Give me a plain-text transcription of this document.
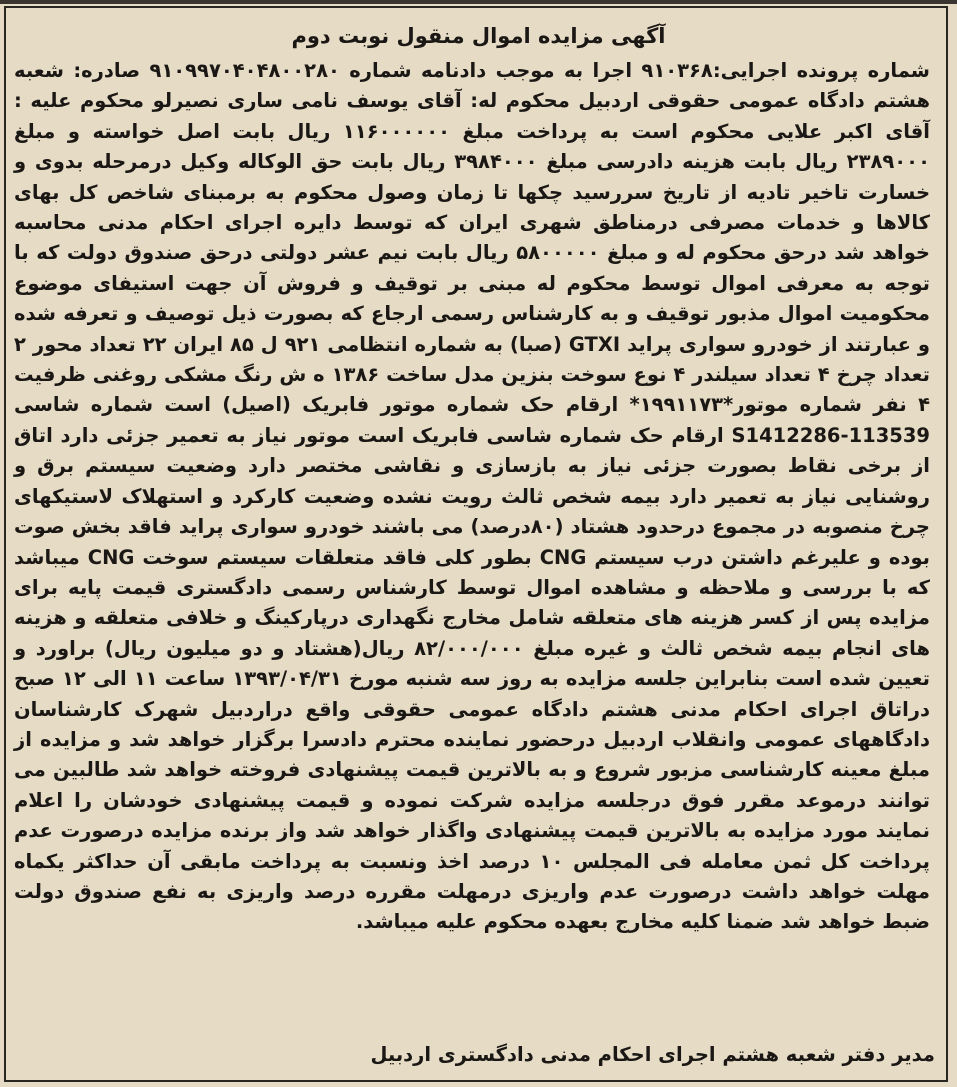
آگهی مزایده اموال منقول نوبت دوم

شماره پرونده اجرایی:۹۱۰۳۶۸ اجرا به موجب دادنامه شماره ۹۱۰۹۹۷۰۴۰۴۸۰۰۲۸۰ صادره: شعبه هشتم دادگاه عمومی حقوقی اردبیل محکوم له: آقای یوسف نامی ساری نصیرلو محکوم علیه : آقای اکبر علایی محکوم است به پرداخت مبلغ ۱۱۶۰۰۰۰۰۰ ریال بابت اصل خواسته و مبلغ ۲۳۸۹۰۰۰ ریال بابت هزینه دادرسی مبلغ ۳۹۸۴۰۰۰ ریال بابت حق الوکاله وکیل درمرحله بدوی و خسارت تاخیر تادیه از تاریخ سررسید چکها تا زمان وصول محکوم به برمبنای شاخص کل بهای کالاها و خدمات مصرفی درمناطق شهری ایران که توسط دایره اجرای احکام مدنی محاسبه خواهد شد درحق محکوم له و مبلغ ۵۸۰۰۰۰۰ ریال بابت نیم عشر دولتی درحق صندوق دولت که با توجه به معرفی اموال توسط محکوم له مبنی بر توقیف و فروش آن جهت استیفای موضوع محکومیت اموال مذبور توقیف و به کارشناس رسمی ارجاع که بصورت ذیل توصیف و تعرفه شده و عبارتند از خودرو سواری پراید GTXI (صبا) به شماره انتظامی ۹۲۱ ل ۸۵ ایران ۲۲ تعداد محور ۲ تعداد چرخ ۴ تعداد سیلندر ۴ نوع سوخت بنزین مدل ساخت ۱۳۸۶ ه ش رنگ مشکی روغنی ظرفیت ۴ نفر شماره موتور*۱۹۹۱۱۷۳* ارقام حک شماره موتور فابریک (اصیل) است شماره شاسی S1412286-113539 ارقام حک شماره شاسی فابریک است موتور نیاز به تعمیر جزئی دارد اتاق از برخی نقاط بصورت جزئی نیاز به بازسازی و نقاشی مختصر دارد وضعیت سیستم برق و روشنایی نیاز به تعمیر دارد بیمه شخص ثالث رویت نشده وضعیت کارکرد و استهلاک لاستیکهای چرخ منصوبه در مجموع درحدود هشتاد (۸۰درصد) می باشند خودرو سواری پراید فاقد بخش صوت بوده و علیرغم داشتن درب سیستم CNG بطور کلی فاقد متعلقات سیستم سوخت CNG میباشد که با بررسی و ملاحظه و مشاهده اموال توسط کارشناس رسمی دادگستری قیمت پایه برای مزایده پس از کسر هزینه های متعلقه شامل مخارج نگهداری درپارکینگ و خلافی متعلقه و هزینه های انجام بیمه شخص ثالث و غیره مبلغ ۸۲/۰۰۰/۰۰۰ ریال(هشتاد و دو میلیون ریال) براورد و تعیین شده است بنابراین جلسه مزایده به روز سه شنبه مورخ ۱۳۹۳/۰۴/۳۱ ساعت ۱۱ الی ۱۲ صبح دراتاق اجرای احکام مدنی هشتم دادگاه عمومی حقوقی واقع دراردبیل شهرک کارشناسان دادگاههای عمومی وانقلاب اردبیل درحضور نماینده محترم دادسرا برگزار خواهد شد و مزایده از مبلغ معینه کارشناسی مزبور شروع و به بالاترین قیمت پیشنهادی فروخته خواهد شد طالبین می توانند درموعد مقرر فوق درجلسه مزایده شرکت نموده و قیمت پیشنهادی خودشان را اعلام نمایند مورد مزایده به بالاترین قیمت پیشنهادی واگذار خواهد شد واز برنده مزایده درصورت عدم پرداخت کل ثمن معامله فی المجلس ۱۰ درصد اخذ ونسبت به پرداخت مابقی آن حداکثر یکماه مهلت خواهد داشت درصورت عدم واریزی درمهلت مقرره درصد واریزی به نفع صندوق دولت ضبط خواهد شد ضمنا کلیه مخارج بعهده محکوم علیه میباشد.

مدیر دفتر شعبه هشتم اجرای احکام مدنی دادگستری اردبیل
